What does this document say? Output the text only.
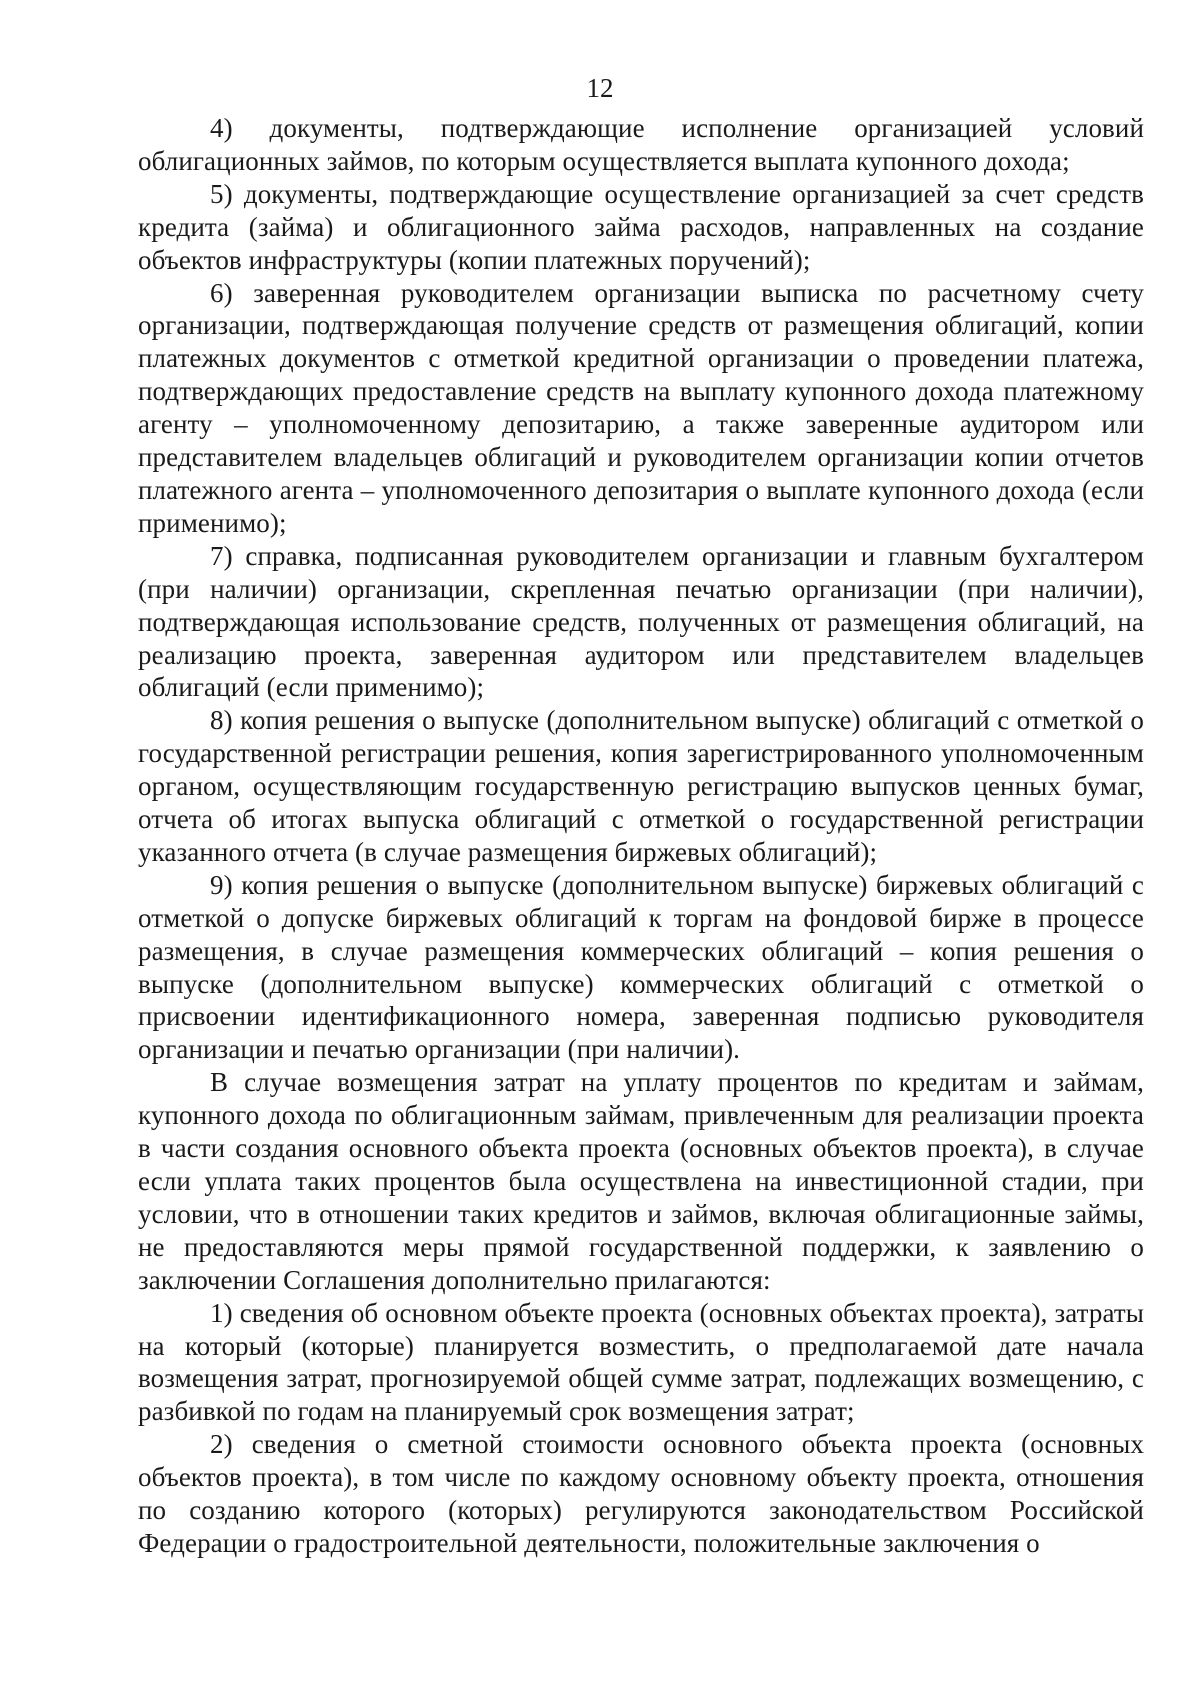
12

4) документы, подтверждающие исполнение организацией условий облигационных займов, по которым осуществляется выплата купонного дохода;

5) документы, подтверждающие осуществление организацией за счет средств кредита (займа) и облигационного займа расходов, направленных на создание объектов инфраструктуры (копии платежных поручений);

6) заверенная руководителем организации выписка по расчетному счету организации, подтверждающая получение средств от размещения облигаций, копии платежных документов с отметкой кредитной организации о проведении платежа, подтверждающих предоставление средств на выплату купонного дохода платежному агенту – уполномоченному депозитарию, а также заверенные аудитором или представителем владельцев облигаций и руководителем организации копии отчетов платежного агента – уполномоченного депозитария о выплате купонного дохода (если применимо);

7) справка, подписанная руководителем организации и главным бухгалтером (при наличии) организации, скрепленная печатью организации (при наличии), подтверждающая использование средств, полученных от размещения облигаций, на реализацию проекта, заверенная аудитором или представителем владельцев облигаций (если применимо);

8) копия решения о выпуске (дополнительном выпуске) облигаций с отметкой о государственной регистрации решения, копия зарегистрированного уполномоченным органом, осуществляющим государственную регистрацию выпусков ценных бумаг, отчета об итогах выпуска облигаций с отметкой о государственной регистрации указанного отчета (в случае размещения биржевых облигаций);

9) копия решения о выпуске (дополнительном выпуске) биржевых облигаций с отметкой о допуске биржевых облигаций к торгам на фондовой бирже в процессе размещения, в случае размещения коммерческих облигаций – копия решения о выпуске (дополнительном выпуске) коммерческих облигаций с отметкой о присвоении идентификационного номера, заверенная подписью руководителя организации и печатью организации (при наличии).

В случае возмещения затрат на уплату процентов по кредитам и займам, купонного дохода по облигационным займам, привлеченным для реализации проекта в части создания основного объекта проекта (основных объектов проекта), в случае если уплата таких процентов была осуществлена на инвестиционной стадии, при условии, что в отношении таких кредитов и займов, включая облигационные займы, не предоставляются меры прямой государственной поддержки, к заявлению о заключении Соглашения дополнительно прилагаются:

1) сведения об основном объекте проекта (основных объектах проекта), затраты на который (которые) планируется возместить, о предполагаемой дате начала возмещения затрат, прогнозируемой общей сумме затрат, подлежащих возмещению, с разбивкой по годам на планируемый срок возмещения затрат;

2) сведения о сметной стоимости основного объекта проекта (основных объектов проекта), в том числе по каждому основному объекту проекта, отношения по созданию которого (которых) регулируются законодательством Российской Федерации о градостроительной деятельности, положительные заключения о
